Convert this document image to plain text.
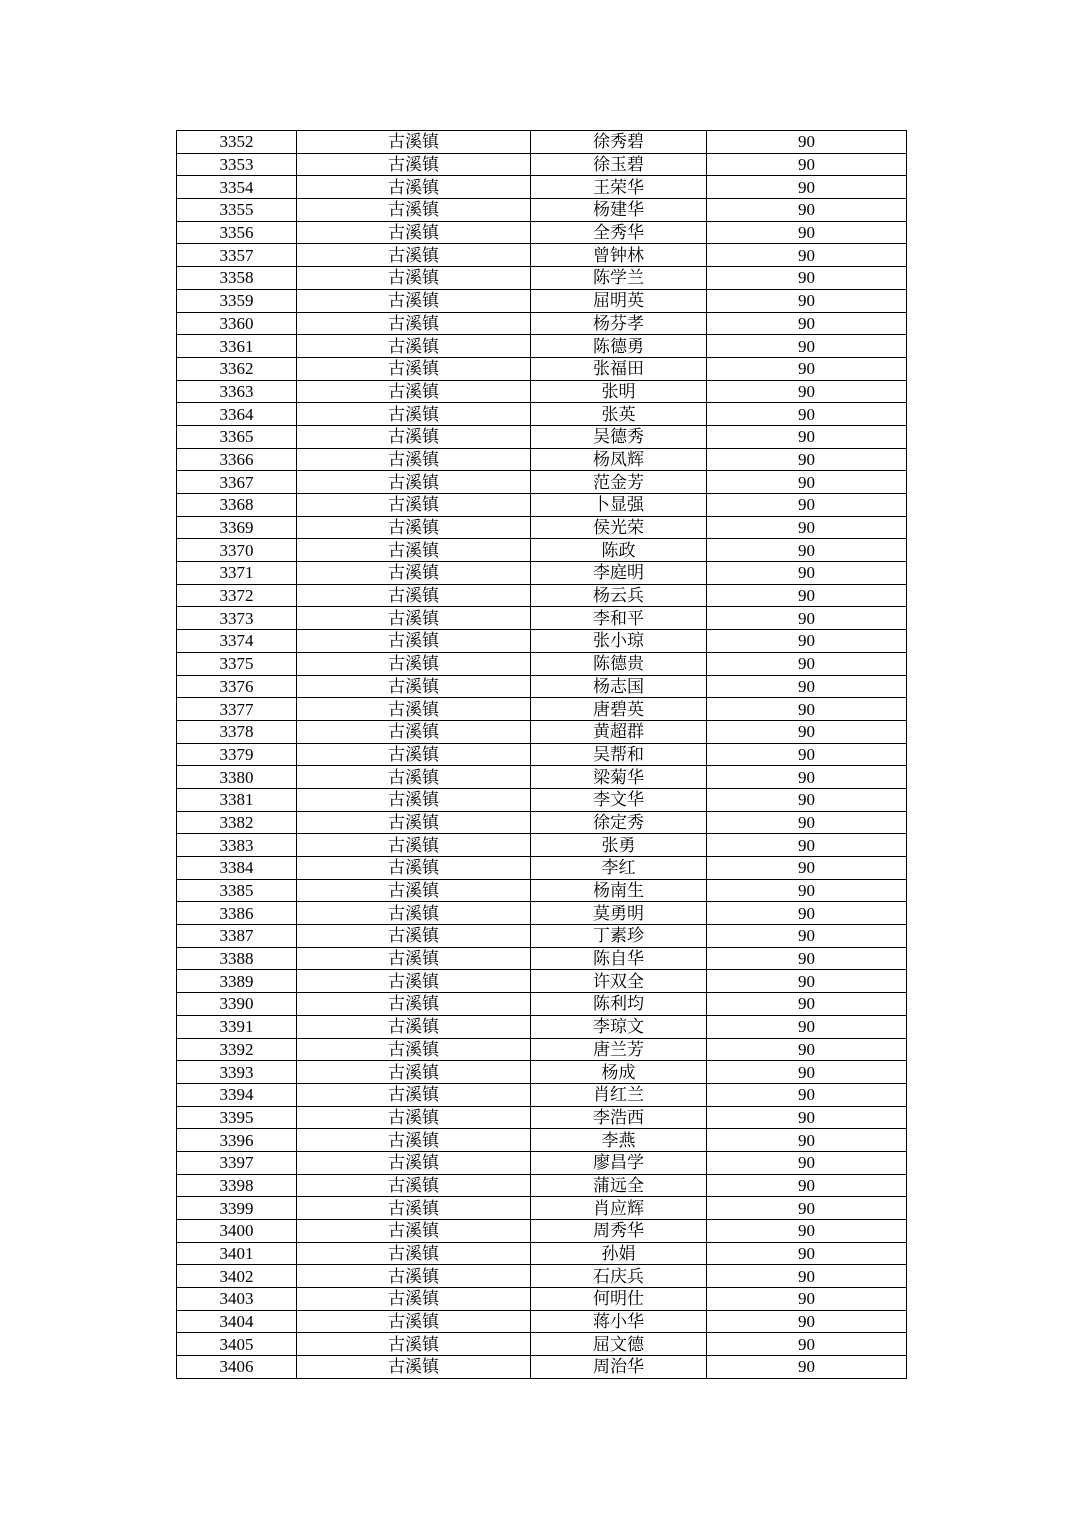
3352	古溪镇	徐秀碧	90
3353	古溪镇	徐玉碧	90
3354	古溪镇	王荣华	90
3355	古溪镇	杨建华	90
3356	古溪镇	全秀华	90
3357	古溪镇	曾钟林	90
3358	古溪镇	陈学兰	90
3359	古溪镇	屈明英	90
3360	古溪镇	杨芬孝	90
3361	古溪镇	陈德勇	90
3362	古溪镇	张福田	90
3363	古溪镇	张明	90
3364	古溪镇	张英	90
3365	古溪镇	吴德秀	90
3366	古溪镇	杨凤辉	90
3367	古溪镇	范金芳	90
3368	古溪镇	卜显强	90
3369	古溪镇	侯光荣	90
3370	古溪镇	陈政	90
3371	古溪镇	李庭明	90
3372	古溪镇	杨云兵	90
3373	古溪镇	李和平	90
3374	古溪镇	张小琼	90
3375	古溪镇	陈德贵	90
3376	古溪镇	杨志国	90
3377	古溪镇	唐碧英	90
3378	古溪镇	黄超群	90
3379	古溪镇	吴帮和	90
3380	古溪镇	梁菊华	90
3381	古溪镇	李文华	90
3382	古溪镇	徐定秀	90
3383	古溪镇	张勇	90
3384	古溪镇	李红	90
3385	古溪镇	杨南生	90
3386	古溪镇	莫勇明	90
3387	古溪镇	丁素珍	90
3388	古溪镇	陈自华	90
3389	古溪镇	许双全	90
3390	古溪镇	陈利均	90
3391	古溪镇	李琼文	90
3392	古溪镇	唐兰芳	90
3393	古溪镇	杨成	90
3394	古溪镇	肖红兰	90
3395	古溪镇	李浩西	90
3396	古溪镇	李燕	90
3397	古溪镇	廖昌学	90
3398	古溪镇	蒲远全	90
3399	古溪镇	肖应辉	90
3400	古溪镇	周秀华	90
3401	古溪镇	孙娟	90
3402	古溪镇	石庆兵	90
3403	古溪镇	何明仕	90
3404	古溪镇	蒋小华	90
3405	古溪镇	屈文德	90
3406	古溪镇	周治华	90
